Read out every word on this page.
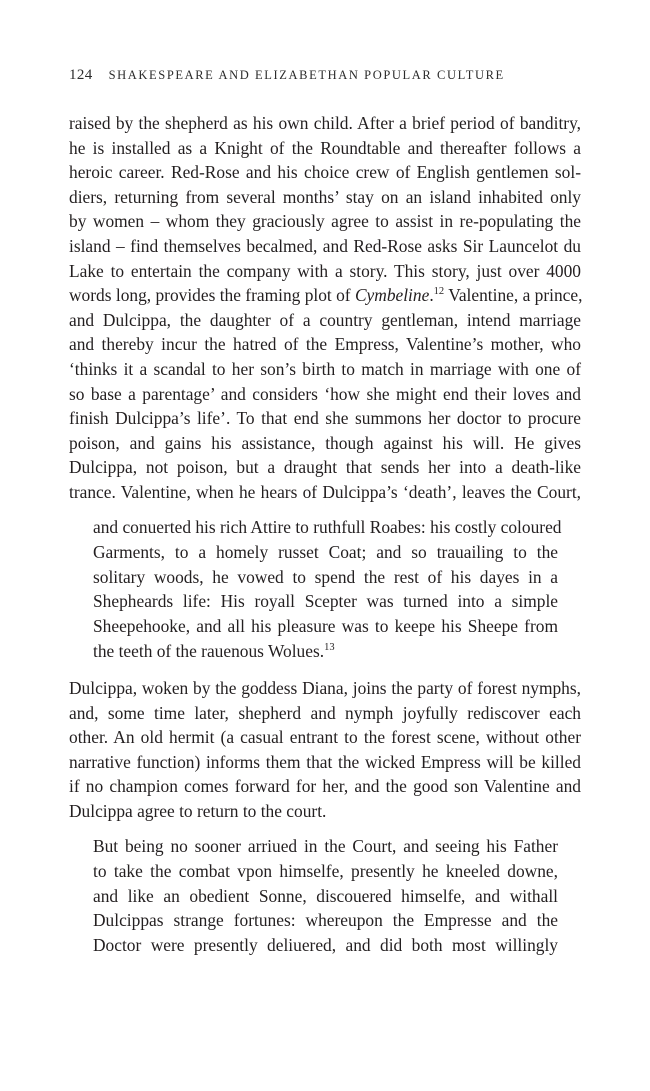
124 SHAKESPEARE AND ELIZABETHAN POPULAR CULTURE
raised by the shepherd as his own child. After a brief period of banditry,
he is installed as a Knight of the Roundtable and thereafter follows a
heroic career. Red-Rose and his choice crew of English gentlemen sol-
diers, returning from several months’ stay on an island inhabited only
by women – whom they graciously agree to assist in re-populating the
island – find themselves becalmed, and Red-Rose asks Sir Launcelot du
Lake to entertain the company with a story. This story, just over 4000
words long, provides the framing plot of Cymbeline.$^{12}$ Valentine, a prince,
and Dulcippa, the daughter of a country gentleman, intend marriage
and thereby incur the hatred of the Empress, Valentine’s mother, who
‘thinks it a scandal to her son’s birth to match in marriage with one of
so base a parentage’ and considers ‘how she might end their loves and
finish Dulcippa’s life’. To that end she summons her doctor to procure
poison, and gains his assistance, though against his will. He gives
Dulcippa, not poison, but a draught that sends her into a death-like
trance. Valentine, when he hears of Dulcippa’s ‘death’, leaves the Court,
and conuerted his rich Attire to ruthfull Roabes: his costly coloured
Garments, to a homely russet Coat; and so trauailing to the
solitary woods, he vowed to spend the rest of his dayes in a
Shepheards life: His royall Scepter was turned into a simple
Sheepehooke, and all his pleasure was to keepe his Sheepe from
the teeth of the rauenous Wolues.$^{13}$
Dulcippa, woken by the goddess Diana, joins the party of forest nymphs,
and, some time later, shepherd and nymph joyfully rediscover each
other. An old hermit (a casual entrant to the forest scene, without other
narrative function) informs them that the wicked Empress will be killed
if no champion comes forward for her, and the good son Valentine and
Dulcippa agree to return to the court.
But being no sooner arriued in the Court, and seeing his Father
to take the combat vpon himselfe, presently he kneeled downe,
and like an obedient Sonne, discouered himselfe, and withall
Dulcippas strange fortunes: whereupon the Empresse and the
Doctor were presently deliuered, and did both most willingly
